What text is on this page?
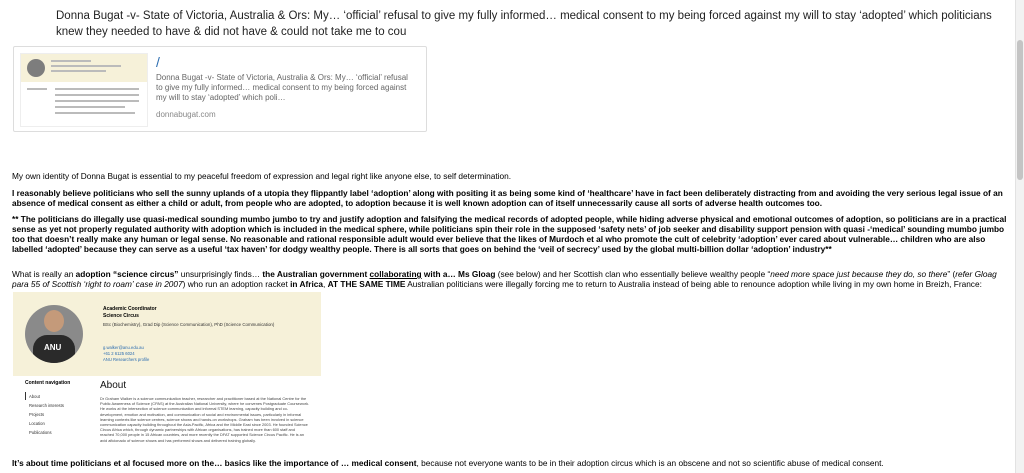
Donna Bugat -v- State of Victoria, Australia & Ors: My… ‘official’ refusal to give my fully informed… medical consent to my being forced against my will to stay ‘adopted’ which politicians knew they needed to have & did not have & could not take me to cou
/
Donna Bugat -v- State of Victoria, Australia & Ors: My… ‘official’ refusal to give my fully informed… medical consent to my being forced against my will to stay ‘adopted’ which poli…
donnabugat.com
My own identity of Donna Bugat is essential to my peaceful freedom of expression and legal right like anyone else, to self determination.
I reasonably believe politicians who sell the sunny uplands of a utopia they flippantly label ‘adoption’ along with positing it as being some kind of ‘healthcare’ have in fact been deliberately distracting from and avoiding the very serious legal issue of an absence of medical consent as either a child or adult, from people who are adopted, to adoption because it is well known adoption can of itself unnecessarily cause all sorts of adverse health outcomes too.
** The politicians do illegally use quasi-medical sounding mumbo jumbo to try and justify adoption and falsifying the medical records of adopted people, while hiding adverse physical and emotional outcomes of adoption, so politicians are in a practical sense as yet not properly regulated authority with adoption which is included in the medical sphere, while politicians spin their role in the supposed ‘safety nets’ of job seeker and disability support pension with quasi -‘medical’ sounding mumbo jumbo too that doesn’t really make any human or legal sense. No reasonable and rational responsible adult would ever believe that the likes of Murdoch et al who promote the cult of celebrity ‘adoption’ ever cared about vulnerable… children who are also labelled ‘adopted’ because they can serve as a useful ‘tax haven’ for dodgy wealthy people. There is all sorts that goes on behind the ‘veil of secrecy’ used by the global multi-billion dollar ‘adoption’ industry**
What is really an adoption “science circus” unsurprisingly finds… the Australian government collaborating with a… Ms Gloag (see below) and her Scottish clan who essentially believe wealthy people “need more space just because they do, so there” (refer Gloag para 55 of Scottish ‘right to roam’ case in 2007) who run an adoption racket in Africa, AT THE SAME TIME Australian politicians were illegally forcing me to return to Australia instead of being able to renounce adoption while living in my own home in Breizh, France:
ANU
Academic Coordinator
Science Circus
BSc (Biochemistry), Grad Dip (Science Communication), PhD (Science Communication)
g.walker@anu.edu.au
+61 2 6125 6024
ANU Researchers profile
Content navigation
About
Research interests
Projects
Location
Publications
About
Dr Graham Walker is a science communication teacher, researcher and practitioner based at the National Centre for the Public Awareness of Science (CPAS) at the Australian National University, where he convenes Postgraduate Coursework. He works at the intersection of science communication and informal STEM learning, capacity building and co-development, emotion and motivation, and communication of social and environmental issues, particularly in informal learning contexts like science centres, science shows and hands-on workshops. Graham has been involved in science communication capacity building throughout the Asia-Pacific, Africa and the Middle East since 2003. He founded Science Circus Africa which, through dynamic partnerships with African organisations, has trained more than 600 staff and reached 70,000 people in 15 African countries, and more recently the DFAT supported Science Circus Pacific. He is an avid aficionado of science shows and has performed shows and delivered training globally.
It’s about time politicians et al focused more on the… basics like the importance of … medical consent, because not everyone wants to be in their adoption circus which is an obscene and not so scientific abuse of medical consent.
